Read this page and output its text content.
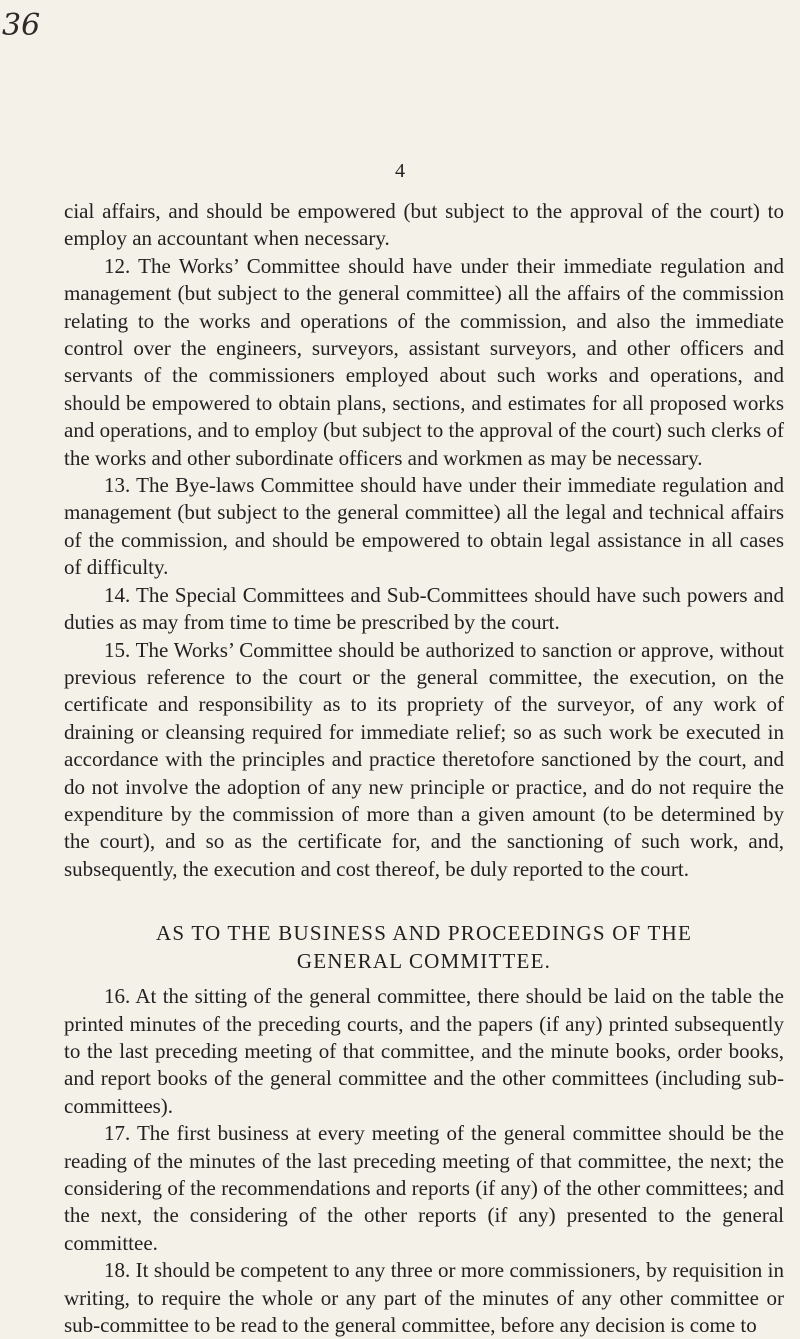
36
4

cial affairs, and should be empowered (but subject to the approval of the court) to employ an accountant when necessary.

12. The Works’ Committee should have under their immediate regulation and management (but subject to the general committee) all the affairs of the commission relating to the works and operations of the commission, and also the immediate control over the engineers, surveyors, assistant surveyors, and other officers and servants of the commissioners employed about such works and operations, and should be empowered to obtain plans, sections, and estimates for all proposed works and operations, and to employ (but subject to the approval of the court) such clerks of the works and other subordinate officers and workmen as may be necessary.

13. The Bye-laws Committee should have under their immediate regulation and management (but subject to the general committee) all the legal and technical affairs of the commission, and should be empowered to obtain legal assistance in all cases of difficulty.

14. The Special Committees and Sub-Committees should have such powers and duties as may from time to time be prescribed by the court.

15. The Works’ Committee should be authorized to sanction or approve, without previous reference to the court or the general committee, the execution, on the certificate and responsibility as to its propriety of the surveyor, of any work of draining or cleansing required for immediate relief; so as such work be executed in accordance with the principles and practice theretofore sanctioned by the court, and do not involve the adoption of any new principle or practice, and do not require the expenditure by the commission of more than a given amount (to be determined by the court), and so as the certificate for, and the sanctioning of such work, and, subsequently, the execution and cost thereof, be duly reported to the court.

AS TO THE BUSINESS AND PROCEEDINGS OF THE GENERAL COMMITTEE.

16. At the sitting of the general committee, there should be laid on the table the printed minutes of the preceding courts, and the papers (if any) printed subsequently to the last preceding meeting of that committee, and the minute books, order books, and report books of the general committee and the other committees (including sub-committees).

17. The first business at every meeting of the general committee should be the reading of the minutes of the last preceding meeting of that committee, the next; the considering of the recommendations and reports (if any) of the other committees; and the next, the considering of the other reports (if any) presented to the general committee.

18. It should be competent to any three or more commissioners, by requisition in writing, to require the whole or any part of the minutes of any other committee or sub-committee to be read to the general committee, before any decision is come to
